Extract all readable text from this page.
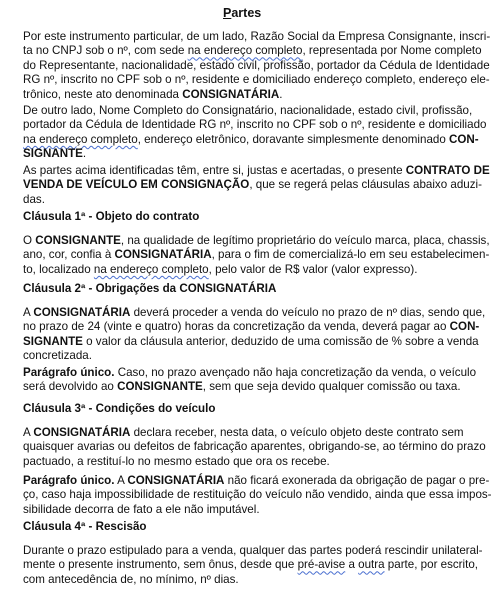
Partes

Por este instrumento particular, de um lado, Razão Social da Empresa Consignante, inscri-
ta no CNPJ sob o nº, com sede na endereço completo, representada por Nome completo
do Representante, nacionalidade, estado civil, profissão, portador da Cédula de Identidade
RG nº, inscrito no CPF sob o nº, residente e domiciliado endereço completo, endereço ele-
trônico, neste ato denominada CONSIGNATÁRIA.

De outro lado, Nome Completo do Consignatário, nacionalidade, estado civil, profissão,
portador da Cédula de Identidade RG nº, inscrito no CPF sob o nº, residente e domiciliado
na endereço completo, endereço eletrônico, doravante simplesmente denominado CON-
SIGNANTE.

As partes acima identificadas têm, entre si, justas e acertadas, o presente CONTRATO DE
VENDA DE VEÍCULO EM CONSIGNAÇÃO, que se regerá pelas cláusulas abaixo aduzi-
das.

Cláusula 1ª - Objeto do contrato

O CONSIGNANTE, na qualidade de legítimo proprietário do veículo marca, placa, chassis,
ano, cor, confia à CONSIGNATÁRIA, para o fim de comercializá-lo em seu estabelecimen-
to, localizado na endereço completo, pelo valor de R$ valor (valor expresso).

Cláusula 2ª - Obrigações da CONSIGNATÁRIA

A CONSIGNATÁRIA deverá proceder a venda do veículo no prazo de nº dias, sendo que,
no prazo de 24 (vinte e quatro) horas da concretização da venda, deverá pagar ao CON-
SIGNANTE o valor da cláusula anterior, deduzido de uma comissão de % sobre a venda
concretizada.

Parágrafo único. Caso, no prazo avençado não haja concretização da venda, o veículo
será devolvido ao CONSIGNANTE, sem que seja devido qualquer comissão ou taxa.

Cláusula 3ª - Condições do veículo

A CONSIGNATÁRIA declara receber, nesta data, o veículo objeto deste contrato sem
quaisquer avarias ou defeitos de fabricação aparentes, obrigando-se, ao término do prazo
pactuado, a restituí-lo no mesmo estado que ora os recebe.

Parágrafo único. A CONSIGNATÁRIA não ficará exonerada da obrigação de pagar o pre-
ço, caso haja impossibilidade de restituição do veículo não vendido, ainda que essa impos-
sibilidade decorra de fato a ele não imputável.

Cláusula 4ª - Rescisão

Durante o prazo estipulado para a venda, qualquer das partes poderá rescindir unilateral-
mente o presente instrumento, sem ônus, desde que pré-avise a outra parte, por escrito,
com antecedência de, no mínimo, nº dias.
